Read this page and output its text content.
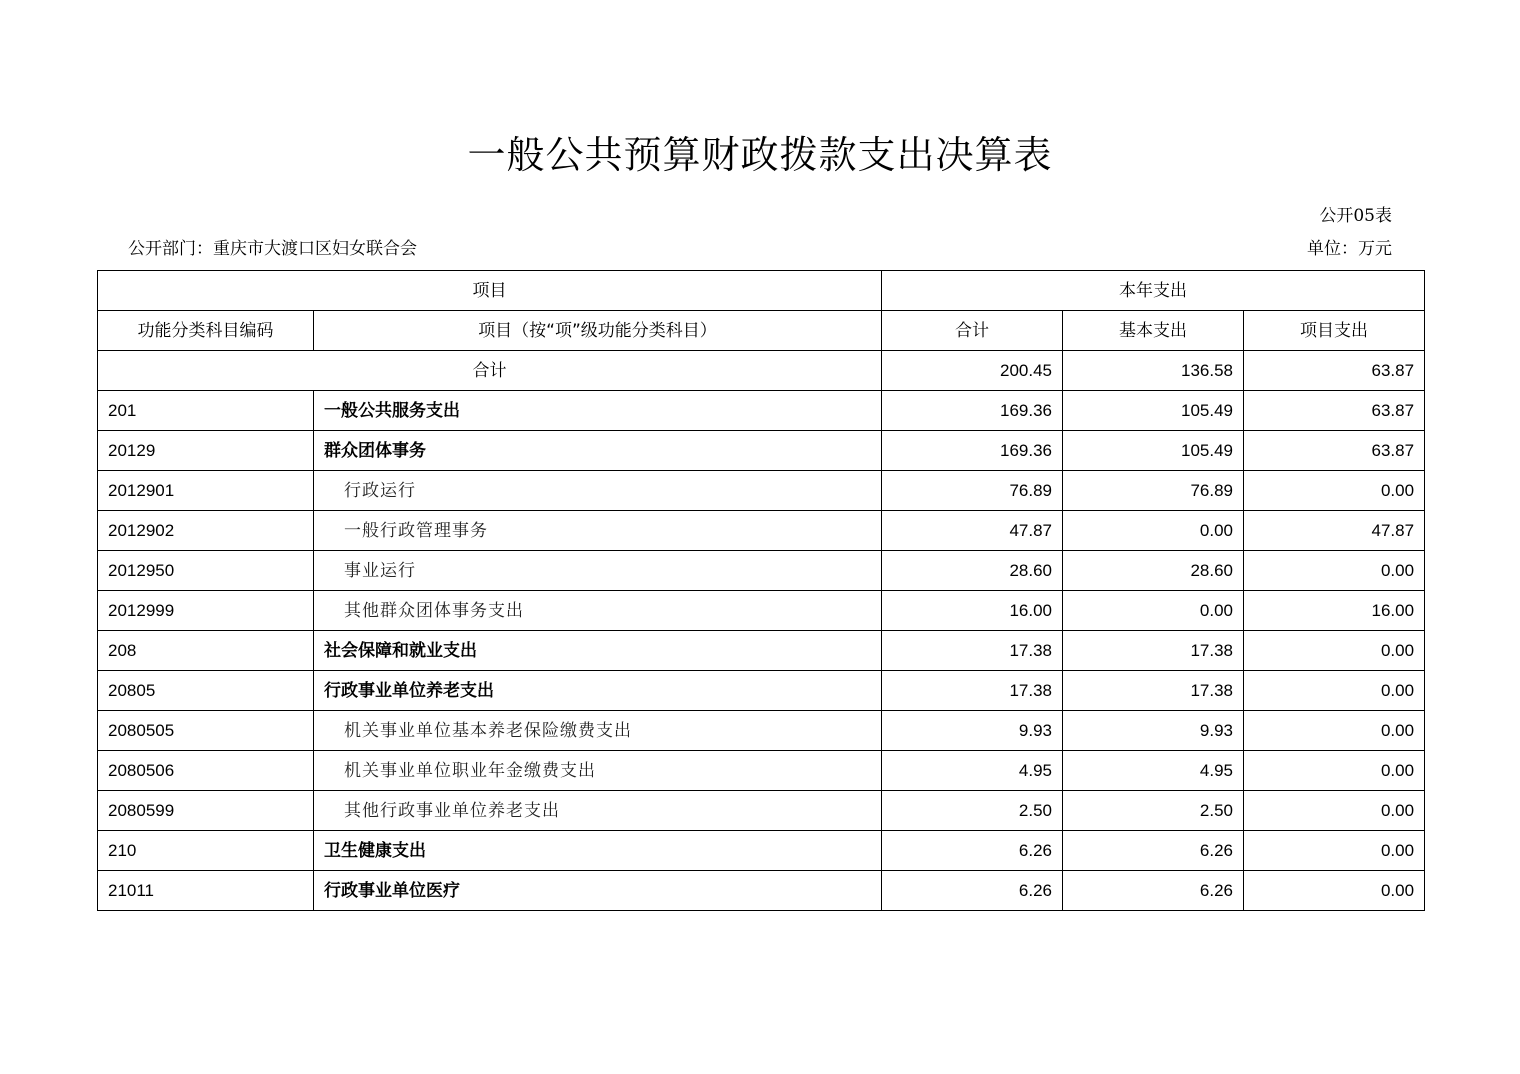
一般公共预算财政拨款支出决算表
公开05表
公开部门：重庆市大渡口区妇女联合会	单位：万元
项目		本年支出		
功能分类科目编码	项目（按“项”级功能分类科目）	合计	基本支出	项目支出
合计		200.45	136.58	63.87
201	一般公共服务支出	169.36	105.49	63.87
20129	群众团体事务	169.36	105.49	63.87
2012901	行政运行	76.89	76.89	0.00
2012902	一般行政管理事务	47.87	0.00	47.87
2012950	事业运行	28.60	28.60	0.00
2012999	其他群众团体事务支出	16.00	0.00	16.00
208	社会保障和就业支出	17.38	17.38	0.00
20805	行政事业单位养老支出	17.38	17.38	0.00
2080505	机关事业单位基本养老保险缴费支出	9.93	9.93	0.00
2080506	机关事业单位职业年金缴费支出	4.95	4.95	0.00
2080599	其他行政事业单位养老支出	2.50	2.50	0.00
210	卫生健康支出	6.26	6.26	0.00
21011	行政事业单位医疗	6.26	6.26	0.00
